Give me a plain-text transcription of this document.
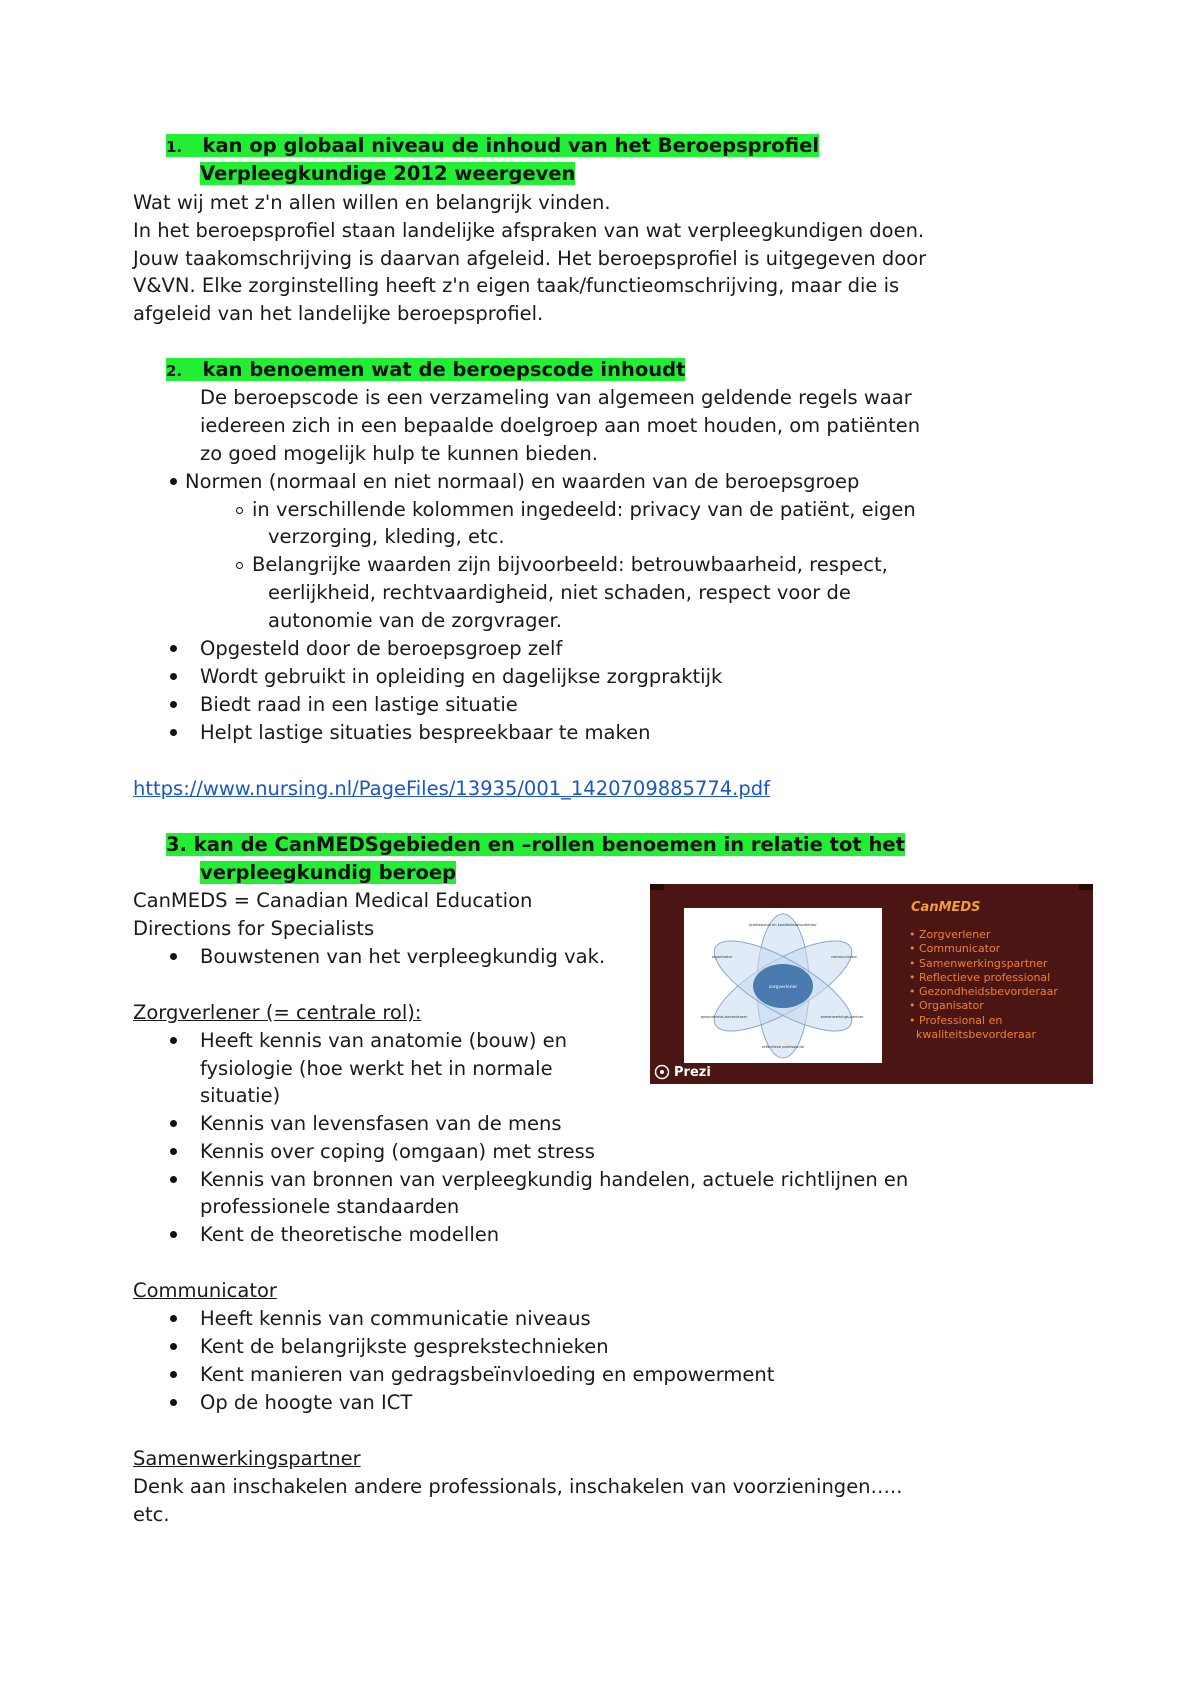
1. kan op globaal niveau de inhoud van het Beroepsprofiel
Verpleegkundige 2012 weergeven
Wat wij met z'n allen willen en belangrijk vinden.
In het beroepsprofiel staan landelijke afspraken van wat verpleegkundigen doen.
Jouw taakomschrijving is daarvan afgeleid. Het beroepsprofiel is uitgegeven door
V&VN. Elke zorginstelling heeft z'n eigen taak/functieomschrijving, maar die is
afgeleid van het landelijke beroepsprofiel.
2. kan benoemen wat de beroepscode inhoudt
De beroepscode is een verzameling van algemeen geldende regels waar
iedereen zich in een bepaalde doelgroep aan moet houden, om patiënten
zo goed mogelijk hulp te kunnen bieden.
Normen (normaal en niet normaal) en waarden van de beroepsgroep
in verschillende kolommen ingedeeld: privacy van de patiënt, eigen
verzorging, kleding, etc.
Belangrijke waarden zijn bijvoorbeeld: betrouwbaarheid, respect,
eerlijkheid, rechtvaardigheid, niet schaden, respect voor de
autonomie van de zorgvrager.
Opgesteld door de beroepsgroep zelf
Wordt gebruikt in opleiding en dagelijkse zorgpraktijk
Biedt raad in een lastige situatie
Helpt lastige situaties bespreekbaar te maken
https://www.nursing.nl/PageFiles/13935/001_1420709885774.pdf
3. kan de CanMEDSgebieden en –rollen benoemen in relatie tot het
verpleegkundig beroep
CanMEDS = Canadian Medical Education
Directions for Specialists
Bouwstenen van het verpleegkundig vak.
Zorgverlener (= centrale rol):
Heeft kennis van anatomie (bouw) en
fysiologie (hoe werkt het in normale
situatie)
Kennis van levensfasen van de mens
Kennis over coping (omgaan) met stress
Kennis van bronnen van verpleegkundig handelen, actuele richtlijnen en
professionele standaarden
Kent de theoretische modellen
Communicator
Heeft kennis van communicatie niveaus
Kent de belangrijkste gesprekstechnieken
Kent manieren van gedragsbeïnvloeding en empowerment
Op de hoogte van ICT
Samenwerkingspartner
Denk aan inschakelen andere professionals, inschakelen van voorzieningen…..
etc.
zorgverlener
professional en kwaliteitsbevorderaar
organisator	communicator
gezondheids-bevorderaar	samenwerkings-partner
reflectieve professional
CanMEDS
• Zorgverlener
• Communicator
• Samenwerkingspartner
• Reflectieve professional
• Gezondheidsbevorderaar
• Organisator
• Professional en
kwaliteitsbevorderaar
Prezi
